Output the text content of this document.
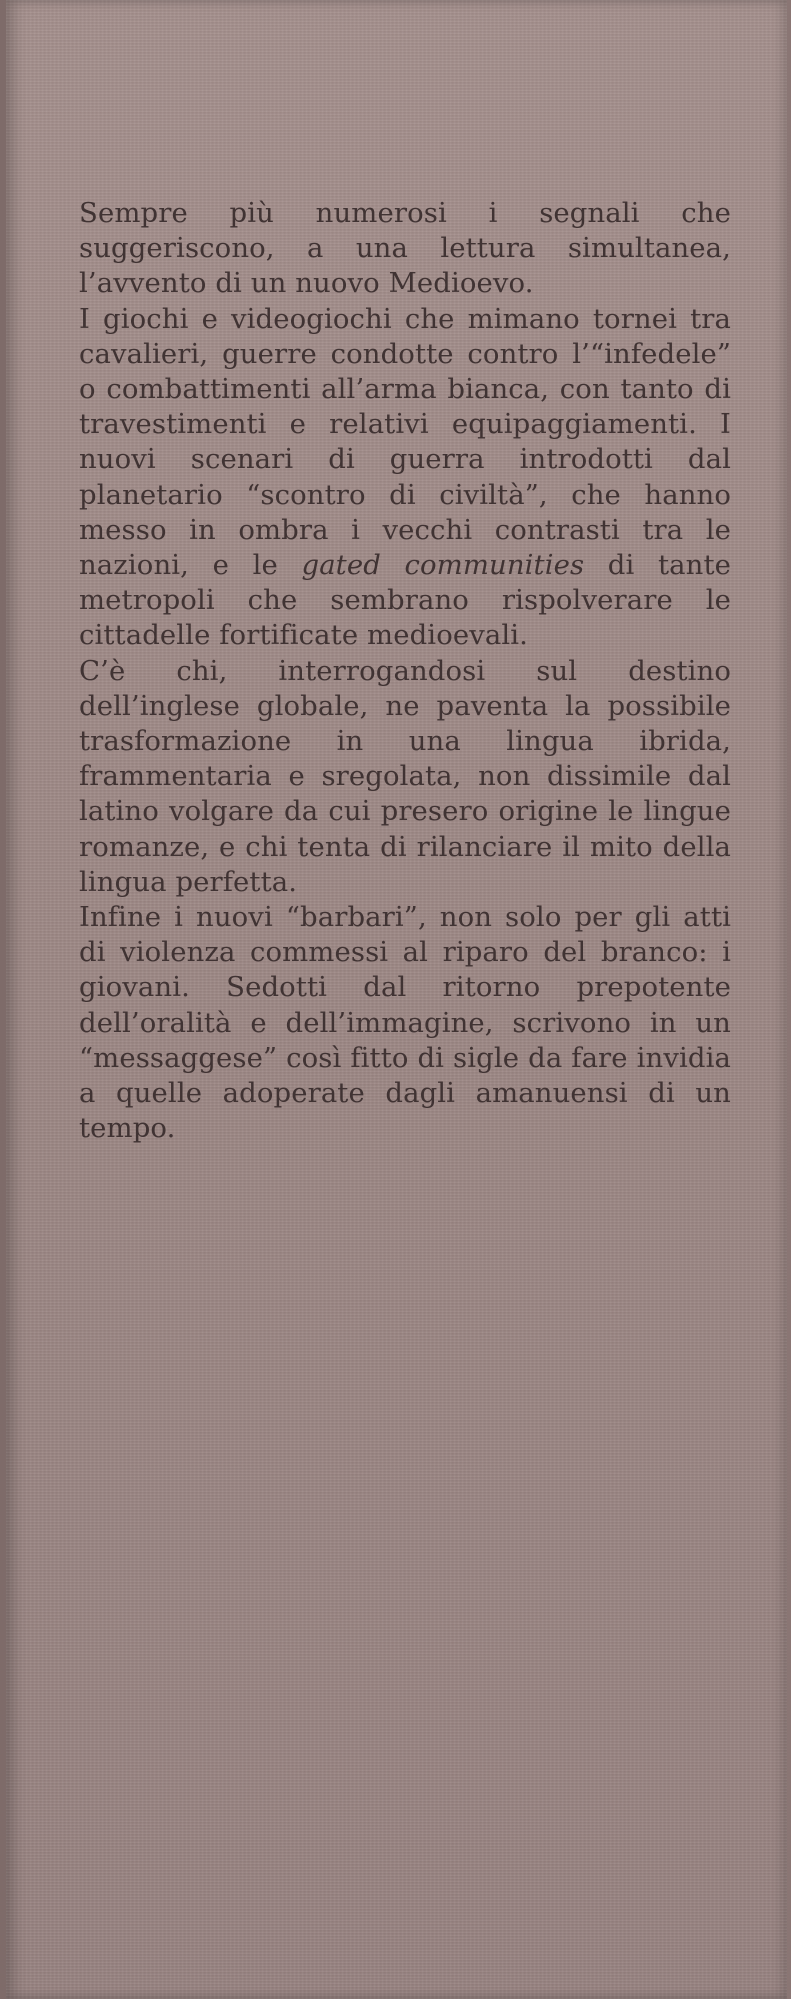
Sempre più numerosi i segnali che suggeriscono, a una lettura simultanea, l’avvento di un nuovo Medioevo.

I giochi e videogiochi che mimano tornei tra cavalieri, guerre condotte contro l’“infedele” o combattimenti all’arma bianca, con tanto di travestimenti e relativi equipaggiamenti. I nuovi scenari di guerra introdotti dal planetario “scontro di civiltà”, che hanno messo in ombra i vecchi contrasti tra le nazioni, e le gated communities di tante metropoli che sembrano rispolverare le cittadelle fortificate medioevali.

C’è chi, interrogandosi sul destino dell’inglese globale, ne paventa la possibile trasformazione in una lingua ibrida, frammentaria e sregolata, non dissimile dal latino volgare da cui presero origine le lingue romanze, e chi tenta di rilanciare il mito della lingua perfetta.

Infine i nuovi “barbari”, non solo per gli atti di violenza commessi al riparo del branco: i giovani. Sedotti dal ritorno prepotente dell’oralità e dell’immagine, scrivono in un “messaggese” così fitto di sigle da fare invidia a quelle adoperate dagli amanuensi di un tempo.
